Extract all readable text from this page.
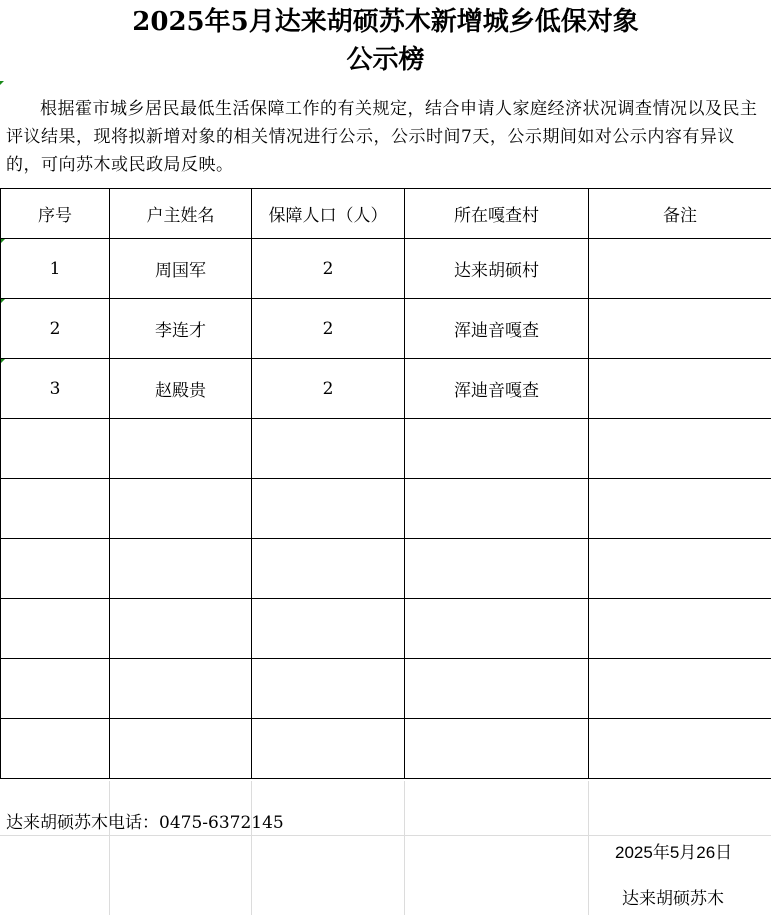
2025年5月达来胡硕苏木新增城乡低保对象
公示榜
根据霍市城乡居民最低生活保障工作的有关规定，结合申请人家庭经济状况调查情况以及民主评议结果，现将拟新增对象的相关情况进行公示，公示时间7天，公示期间如对公示内容有异议的，可向苏木或民政局反映。
序号	户主姓名	保障人口（人）	所在嘎查村	备注

1	周国军	2	达来胡硕村	

2	李连才	2	浑迪音嘎查	

3	赵殿贵	2	浑迪音嘎查	

达来胡硕苏木电话：0475-6372145
2025年5月26日
达来胡硕苏木
